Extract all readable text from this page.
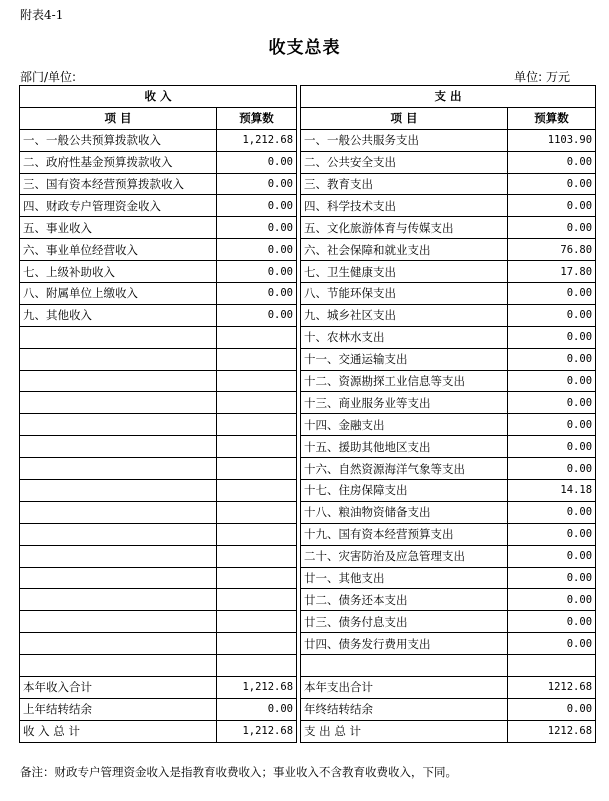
附表4-1
收支总表
部门/单位:	单位: 万元
收 入			支 出	
项 目	预算数		项 目	预算数
一、一般公共预算拨款收入	1,212.68		一、一般公共服务支出	1103.90
二、政府性基金预算拨款收入	0.00		二、公共安全支出	0.00
三、国有资本经营预算拨款收入	0.00		三、教育支出	0.00
四、财政专户管理资金收入	0.00		四、科学技术支出	0.00
五、事业收入	0.00		五、文化旅游体育与传媒支出	0.00
六、事业单位经营收入	0.00		六、社会保障和就业支出	76.80
七、上级补助收入	0.00		七、卫生健康支出	17.80
八、附属单位上缴收入	0.00		八、节能环保支出	0.00
九、其他收入	0.00		九、城乡社区支出	0.00
			十、农林水支出	0.00
			十一、交通运输支出	0.00
			十二、资源勘探工业信息等支出	0.00
			十三、商业服务业等支出	0.00
			十四、金融支出	0.00
			十五、援助其他地区支出	0.00
			十六、自然资源海洋气象等支出	0.00
			十七、住房保障支出	14.18
			十八、粮油物资储备支出	0.00
			十九、国有资本经营预算支出	0.00
			二十、灾害防治及应急管理支出	0.00
			廿一、其他支出	0.00
			廿二、债务还本支出	0.00
			廿三、债务付息支出	0.00
			廿四、债务发行费用支出	0.00

本年收入合计	1,212.68		本年支出合计	1212.68
上年结转结余	0.00		年终结转结余	0.00
收 入 总 计	1,212.68		支 出 总 计	1212.68
备注：财政专户管理资金收入是指教育收费收入；事业收入不含教育收费收入，下同。
